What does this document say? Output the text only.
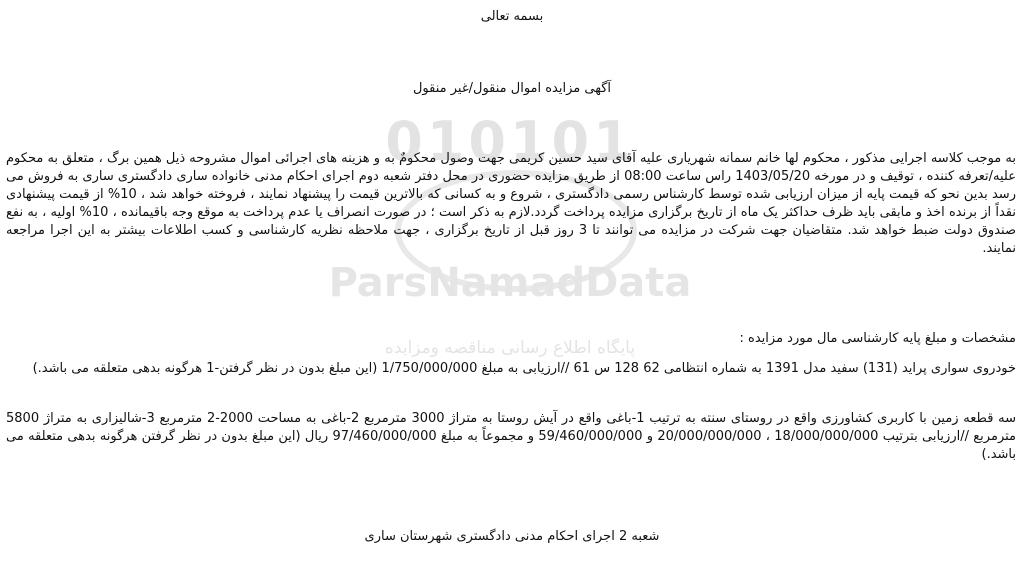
010101
ParsNamadData
پایگاه اطلاع رسانی مناقصه ومزایده
بسمه تعالی
آگهی مزایده اموال منقول/غیر منقول
به موجب کلاسه اجرایی مذکور ، محکوم لها خانم سمانه شهریاری علیه آقای سید حسین کریمی جهت وصول محکومٌ به و هزینه های اجرائی اموال مشروحه ذیل همین برگ ، متعلق به محکوم علیه/تعرفه کننده ، توقیف و در مورخه 1403/05/20 راس ساعت 08:00 از طریق مزایده حضوری در محل دفتر شعبه دوم اجرای احکام مدنی خانواده ساری دادگستری ساری به فروش می رسد بدین نحو که قیمت پایه از میزان ارزیابی شده توسط کارشناس رسمی دادگستری ، شروع و به کسانی که بالاترین قیمت را پیشنهاد نمایند ، فروخته خواهد شد ، 10% از قیمت پیشنهادی نقداً از برنده اخذ و مابقی باید ظرف حداکثر یک ماه از تاریخ برگزاری مزایده پرداخت گردد.لازم به ذکر است ؛ در صورت انصراف یا عدم پرداخت به موقع وجه باقیمانده ، 10% اولیه ، به نفع صندوق دولت ضبط خواهد شد. متقاضیان جهت شرکت در مزایده می توانند تا 3 روز قبل از تاریخ برگزاری ، جهت ملاحظه نظریه کارشناسی و کسب اطلاعات بیشتر به این اجرا مراجعه نمایند.
مشخصات و مبلغ پایه کارشناسی مال مورد مزایده :
خودروی سواری پراید (131) سفید مدل 1391 به شماره انتظامی 62 128 س 61 //ارزیابی به مبلغ 1/750/000/000 (این مبلغ بدون در نظر گرفتن-1 هرگونه بدهی متعلقه می باشد.)
سه قطعه زمین با کاربری کشاورزی واقع در روستای سنته به ترتیب 1-باغی واقع در آیش روستا به متراژ 3000 مترمربع 2-باغی به مساحت 2000-2 مترمربع 3-شالیزاری به متراژ 5800 مترمربع //ارزیابی بترتیب 18/000/000/000 ، 20/000/000/000 و 59/460/000/000 و مجموعاً به مبلغ 97/460/000/000 ریال (این مبلغ بدون در نظر گرفتن هرگونه بدهی متعلقه می باشد.)
شعبه 2 اجرای احکام مدنی دادگستری شهرستان ساری
